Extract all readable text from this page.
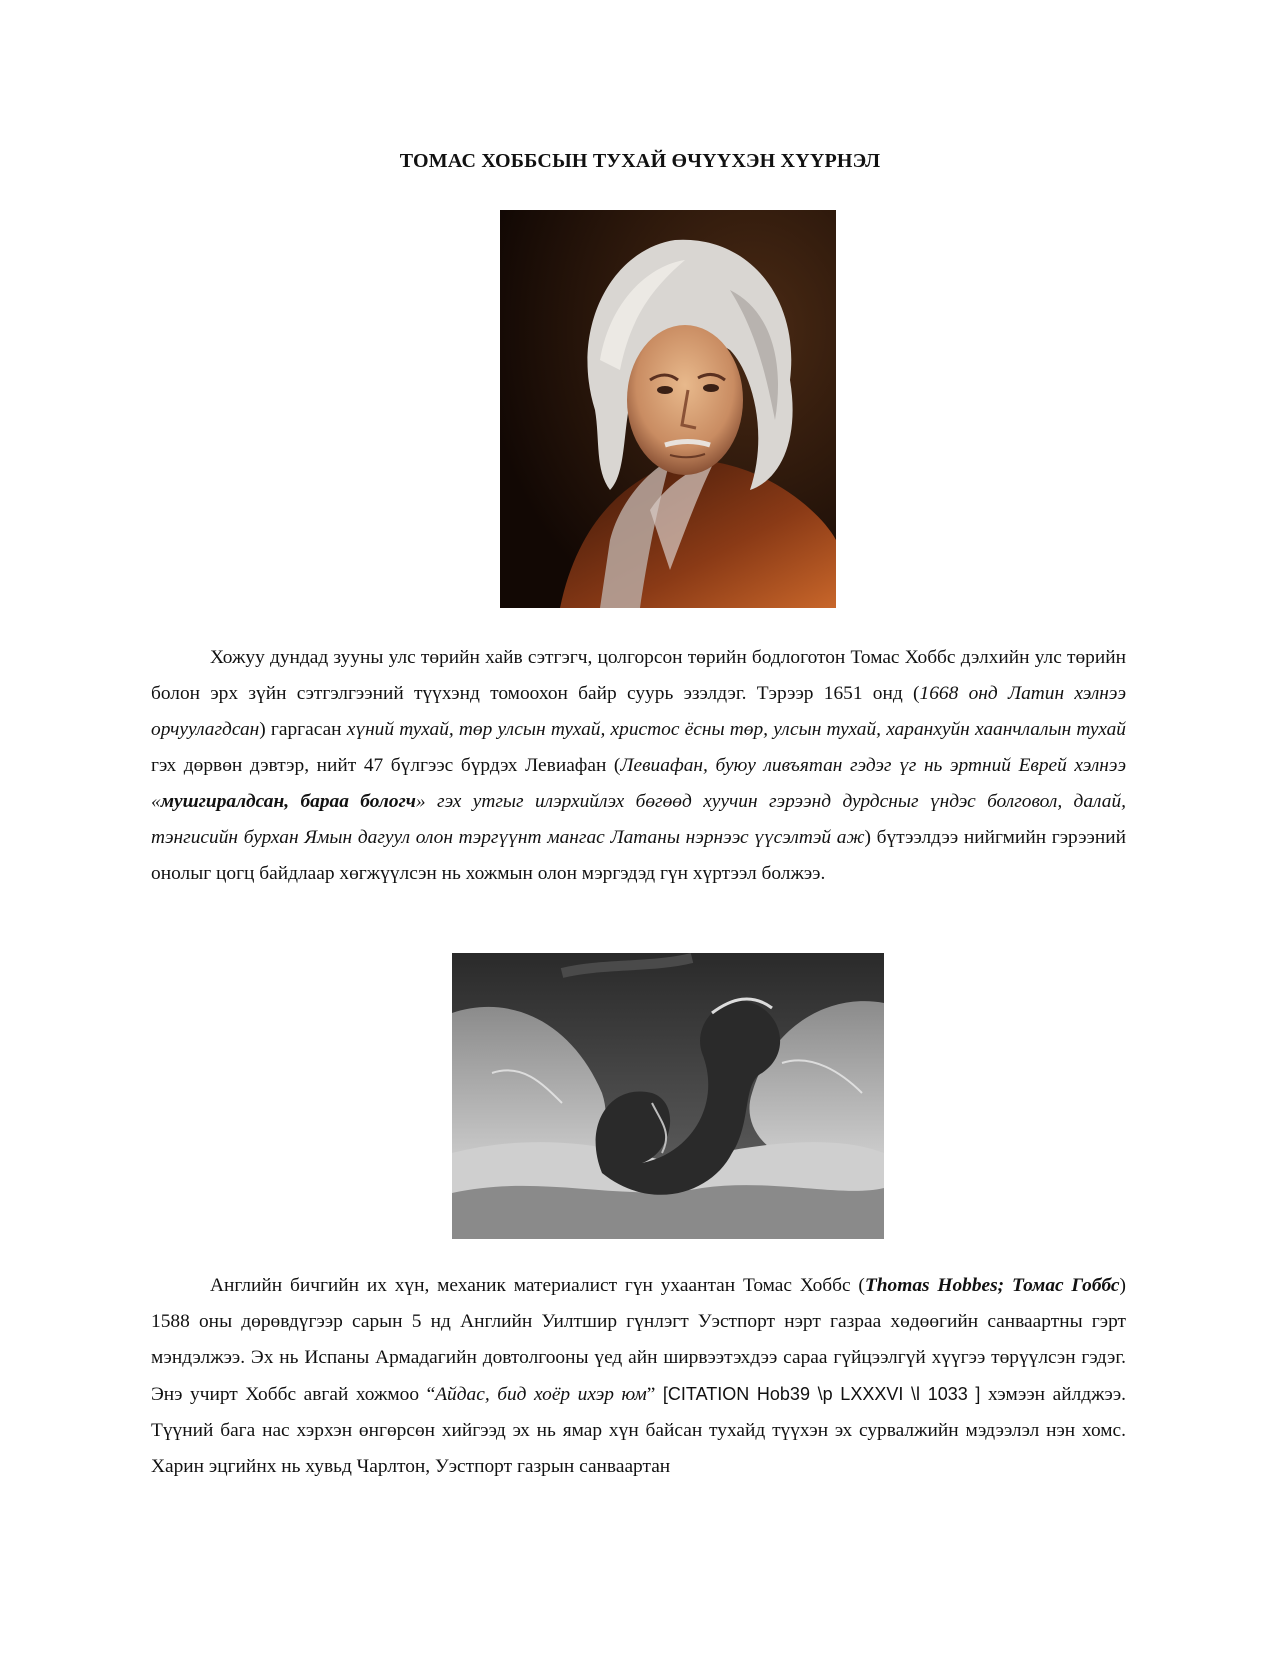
ТОМАС ХОББСЫН ТУХАЙ ӨЧҮҮХЭН ХҮҮРНЭЛ

Хожуу дундад зууны улс төрийн хайв сэтгэгч, цолгорсон төрийн бодлоготон Томас Хоббс дэлхийн улс төрийн болон эрх зүйн сэтгэлгээний түүхэнд томоохон байр суурь эзэлдэг. Тэрээр 1651 онд (1668 онд Латин хэлнээ орчуулагдсан) гаргасан хүний тухай, төр улсын тухай, христос ёсны төр, улсын тухай, харанхуйн хаанчлалын тухай гэх дөрвөн дэвтэр, нийт 47 бүлгээс бүрдэх Левиафан (Левиафан, буюу ливъятан гэдэг үг нь эртний Еврей хэлнээ «мушгиралдсан, бараа бологч» гэх утгыг илэрхийлэх бөгөөд хуучин гэрээнд дурдсныг үндэс болговол, далай, тэнгисийн бурхан Ямын дагуул олон тэргүүнт мангас Латаны нэрнээс үүсэлтэй аж) бүтээлдээ нийгмийн гэрээний онолыг цогц байдлаар хөгжүүлсэн нь хожмын олон мэргэдэд гүн хүртээл болжээ.

Английн бичгийн их хүн, механик материалист гүн ухаантан Томас Хоббс (Thomas Hobbes; Томас Гоббс) 1588 оны дөрөвдүгээр сарын 5 нд Английн Уилтшир гүнлэгт Уэстпорт нэрт газраа хөдөөгийн санваартны гэрт мэндэлжээ. Эх нь Испаны Армадагийн довтолгооны үед айн ширвээтэхдээ сараа гүйцээлгүй хүүгээ төрүүлсэн гэдэг. Энэ учирт Хоббс авгай хожмоо “Айдас, бид хоёр ихэр юм” [CITATION Hob39 \p LXXXVI \l 1033 ] хэмээн айлджээ. Түүний бага нас хэрхэн өнгөрсөн хийгээд эх нь ямар хүн байсан тухайд түүхэн эх сурвалжийн мэдээлэл нэн хомс. Харин эцгийнх нь хувьд Чарлтон, Уэстпорт газрын санваартан
